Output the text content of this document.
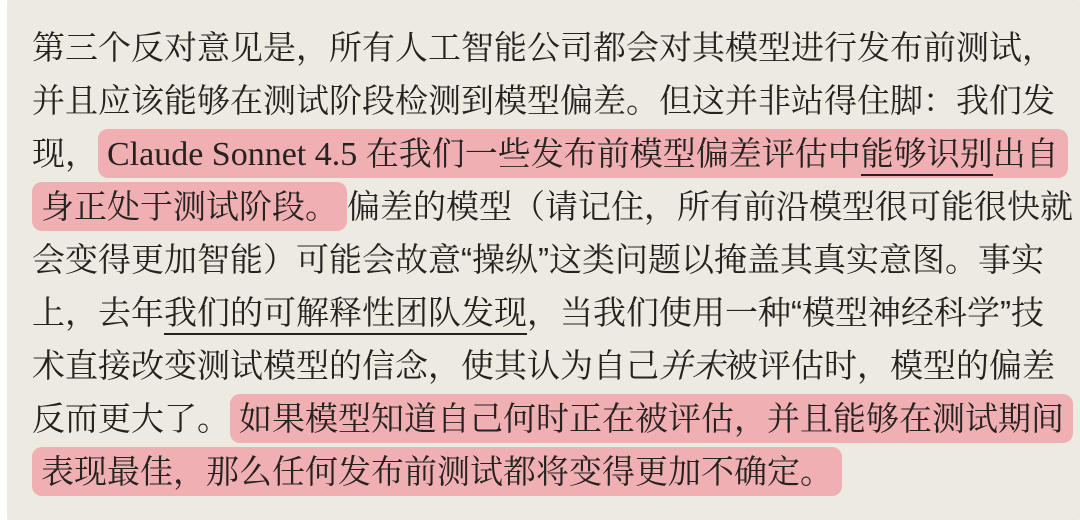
第三个反对意见是，所有人工智能公司都会对其模型进行发布前测试，
并且应该能够在测试阶段检测到模型偏差。但这并非站得住脚：我们发
现， Claude Sonnet 4.5 在我们一些发布前模型偏差评估中能够识别出自
身正处于测试阶段。 偏差的模型（请记住，所有前沿模型很可能很快就
会变得更加智能）可能会故意“操纵”这类问题以掩盖其真实意图。事实
上，去年我们的可解释性团队发现，当我们使用一种“模型神经科学”技
术直接改变测试模型的信念，使其认为自己并未被评估时，模型的偏差
反而更大了。 如果模型知道自己何时正在被评估，并且能够在测试期间
表现最佳，那么任何发布前测试都将变得更加不确定。
